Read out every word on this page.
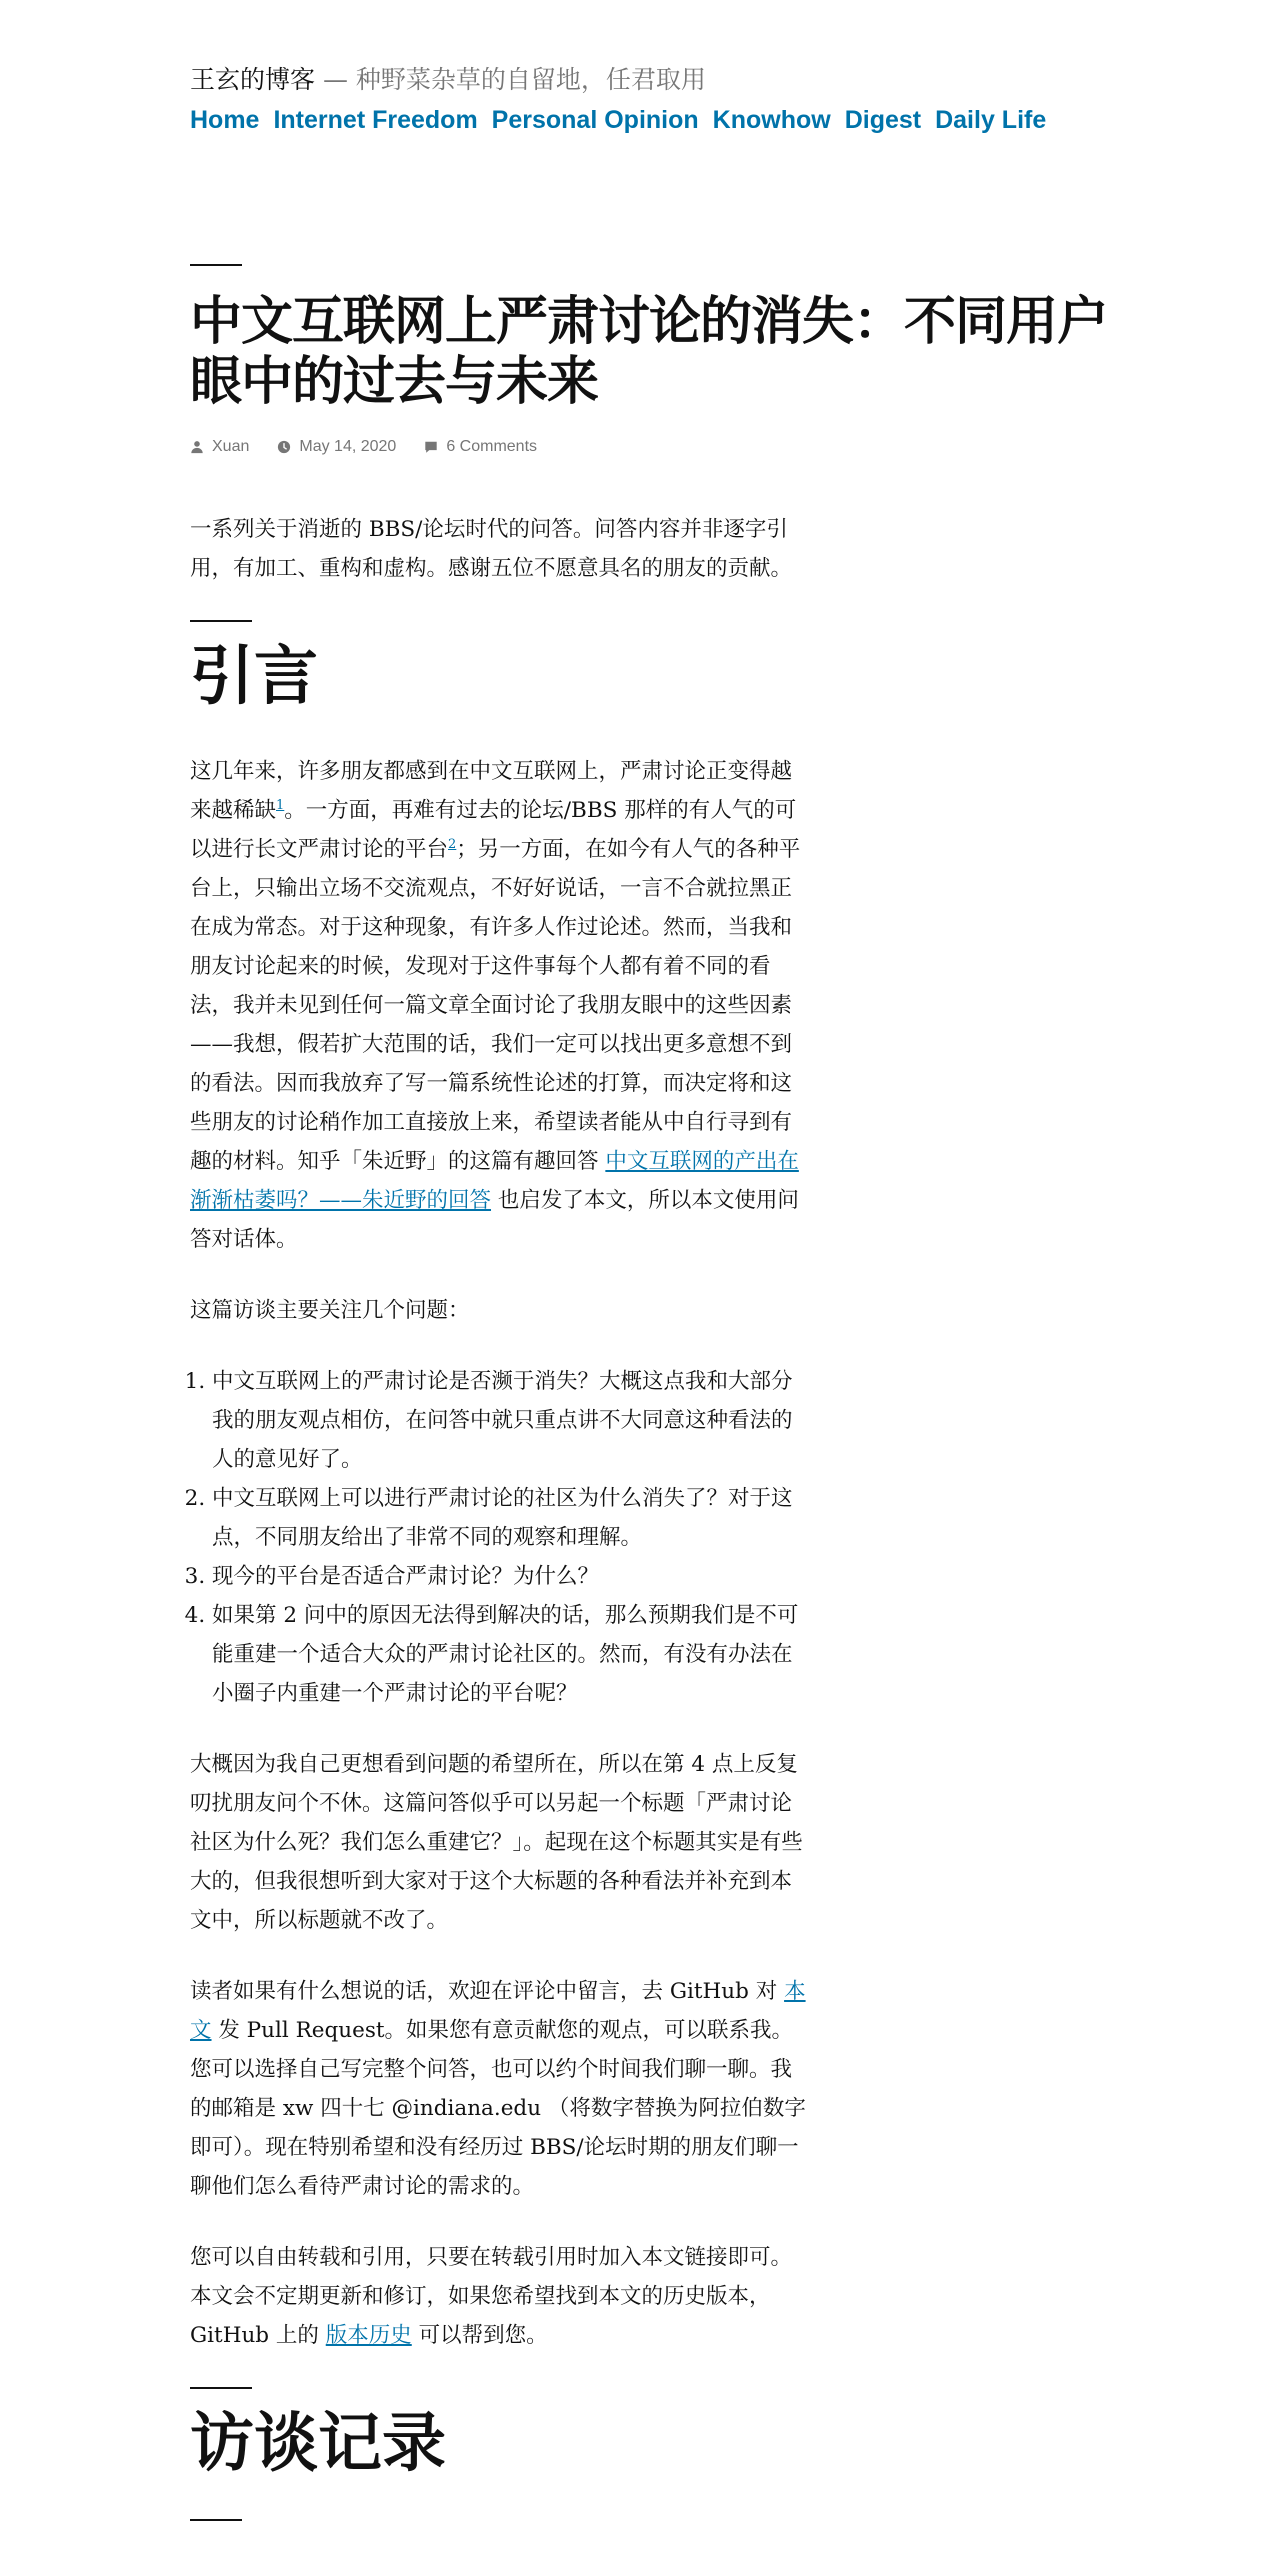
王玄的博客 — 种野菜杂草的自留地，任君取用
Home Internet Freedom Personal Opinion Knowhow Digest Daily Life
中文互联网上严肃讨论的消失：不同用户眼中的过去与未来
Xuan	May 14, 2020	6 Comments

一系列关于消逝的 BBS/论坛时代的问答。问答内容并非逐字引用，有加工、重构和虚构。感谢五位不愿意具名的朋友的贡献。

引言

这几年来，许多朋友都感到在中文互联网上，严肃讨论正变得越来越稀缺$^1$。一方面，再难有过去的论坛/BBS 那样的有人气的可以进行长文严肃讨论的平台$^2$；另一方面，在如今有人气的各种平台上，只输出立场不交流观点，不好好说话，一言不合就拉黑正在成为常态。对于这种现象，有许多人作过论述。然而，当我和朋友讨论起来的时候，发现对于这件事每个人都有着不同的看法，我并未见到任何一篇文章全面讨论了我朋友眼中的这些因素——我想，假若扩大范围的话，我们一定可以找出更多意想不到的看法。因而我放弃了写一篇系统性论述的打算，而决定将和这些朋友的讨论稍作加工直接放上来，希望读者能从中自行寻到有趣的材料。知乎「朱近野」的这篇有趣回答 中文互联网的产出在渐渐枯萎吗？——朱近野的回答 也启发了本文，所以本文使用问答对话体。

这篇访谈主要关注几个问题：

1. 中文互联网上的严肃讨论是否濒于消失？大概这点我和大部分我的朋友观点相仿，在问答中就只重点讲不大同意这种看法的人的意见好了。
2. 中文互联网上可以进行严肃讨论的社区为什么消失了？对于这点，不同朋友给出了非常不同的观察和理解。
3. 现今的平台是否适合严肃讨论？为什么？
4. 如果第 2 问中的原因无法得到解决的话，那么预期我们是不可能重建一个适合大众的严肃讨论社区的。然而，有没有办法在小圈子内重建一个严肃讨论的平台呢？

大概因为我自己更想看到问题的希望所在，所以在第 4 点上反复叨扰朋友问个不休。这篇问答似乎可以另起一个标题「严肃讨论社区为什么死？我们怎么重建它？」。起现在这个标题其实是有些大的，但我很想听到大家对于这个大标题的各种看法并补充到本文中，所以标题就不改了。

读者如果有什么想说的话，欢迎在评论中留言，去 GitHub 对 本文 发 Pull Request。如果您有意贡献您的观点，可以联系我。您可以选择自己写完整个问答，也可以约个时间我们聊一聊。我的邮箱是 xw 四十七 @indiana.edu （将数字替换为阿拉伯数字即可）。现在特别希望和没有经历过 BBS/论坛时期的朋友们聊一聊他们怎么看待严肃讨论的需求的。

您可以自由转载和引用，只要在转载引用时加入本文链接即可。本文会不定期更新和修订，如果您希望找到本文的历史版本，GitHub 上的 版本历史 可以帮到您。

访谈记录
